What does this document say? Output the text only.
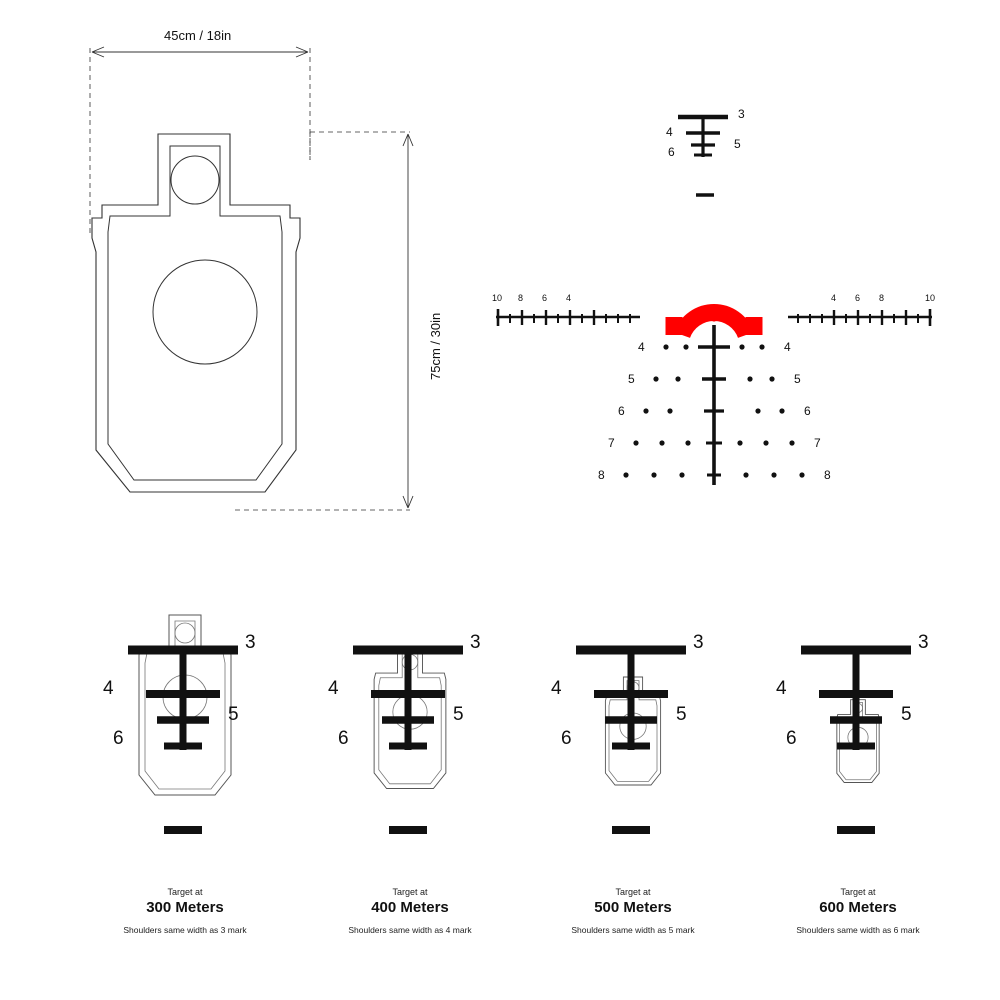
45cm / 18in
75cm / 30in
4
6
3
5
10 8 6 4	4 6 8	10
4
5
6
7
8
4
5
6
7
8
3
4
5
6
Target at
300 Meters
Shoulders same width as 3 mark
3
4
5
6
Target at
400 Meters
Shoulders same width as 4 mark
3
4
5
6
Target at
500 Meters
Shoulders same width as 5 mark
3
4
5
6
Target at
600 Meters
Shoulders same width as 6 mark
